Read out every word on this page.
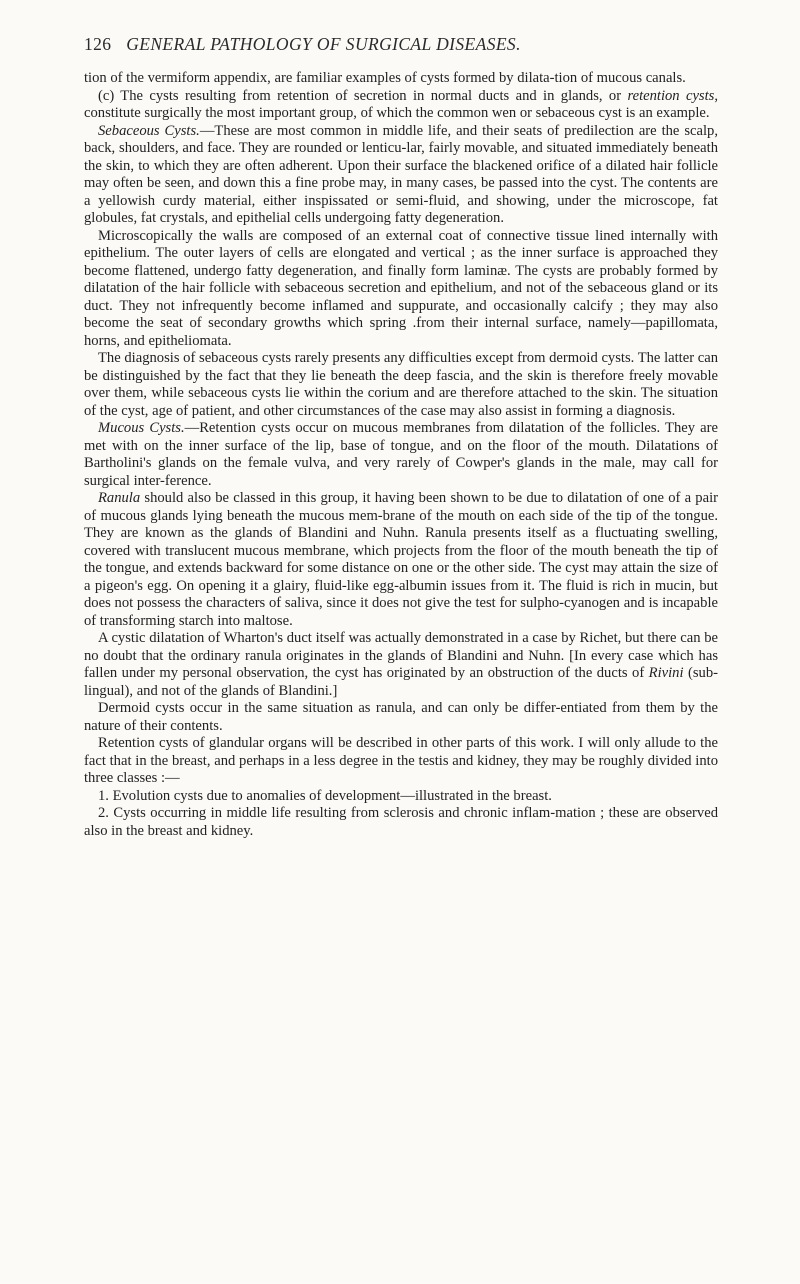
126 GENERAL PATHOLOGY OF SURGICAL DISEASES.

tion of the vermiform appendix, are familiar examples of cysts formed by dilata-tion of mucous canals.

(c) The cysts resulting from retention of secretion in normal ducts and in glands, or retention cysts, constitute surgically the most important group, of which the common wen or sebaceous cyst is an example.

Sebaceous Cysts.—These are most common in middle life, and their seats of predilection are the scalp, back, shoulders, and face. They are rounded or lenticu-lar, fairly movable, and situated immediately beneath the skin, to which they are often adherent. Upon their surface the blackened orifice of a dilated hair follicle may often be seen, and down this a fine probe may, in many cases, be passed into the cyst. The contents are a yellowish curdy material, either inspissated or semi-fluid, and showing, under the microscope, fat globules, fat crystals, and epithelial cells undergoing fatty degeneration.

Microscopically the walls are composed of an external coat of connective tissue lined internally with epithelium. The outer layers of cells are elongated and vertical ; as the inner surface is approached they become flattened, undergo fatty degeneration, and finally form laminæ. The cysts are probably formed by dilatation of the hair follicle with sebaceous secretion and epithelium, and not of the sebaceous gland or its duct. They not infrequently become inflamed and suppurate, and occasionally calcify ; they may also become the seat of secondary growths which spring .from their internal surface, namely—papillomata, horns, and epitheliomata.

The diagnosis of sebaceous cysts rarely presents any difficulties except from dermoid cysts. The latter can be distinguished by the fact that they lie beneath the deep fascia, and the skin is therefore freely movable over them, while sebaceous cysts lie within the corium and are therefore attached to the skin. The situation of the cyst, age of patient, and other circumstances of the case may also assist in forming a diagnosis.

Mucous Cysts.—Retention cysts occur on mucous membranes from dilatation of the follicles. They are met with on the inner surface of the lip, base of tongue, and on the floor of the mouth. Dilatations of Bartholini's glands on the female vulva, and very rarely of Cowper's glands in the male, may call for surgical inter-ference.

Ranula should also be classed in this group, it having been shown to be due to dilatation of one of a pair of mucous glands lying beneath the mucous mem-brane of the mouth on each side of the tip of the tongue. They are known as the glands of Blandini and Nuhn. Ranula presents itself as a fluctuating swelling, covered with translucent mucous membrane, which projects from the floor of the mouth beneath the tip of the tongue, and extends backward for some distance on one or the other side. The cyst may attain the size of a pigeon's egg. On opening it a glairy, fluid-like egg-albumin issues from it. The fluid is rich in mucin, but does not possess the characters of saliva, since it does not give the test for sulpho-cyanogen and is incapable of transforming starch into maltose.

A cystic dilatation of Wharton's duct itself was actually demonstrated in a case by Richet, but there can be no doubt that the ordinary ranula originates in the glands of Blandini and Nuhn. [In every case which has fallen under my personal observation, the cyst has originated by an obstruction of the ducts of Rivini (sub-lingual), and not of the glands of Blandini.]

Dermoid cysts occur in the same situation as ranula, and can only be differ-entiated from them by the nature of their contents.

Retention cysts of glandular organs will be described in other parts of this work. I will only allude to the fact that in the breast, and perhaps in a less degree in the testis and kidney, they may be roughly divided into three classes :—

1. Evolution cysts due to anomalies of development—illustrated in the breast.

2. Cysts occurring in middle life resulting from sclerosis and chronic inflam-mation ; these are observed also in the breast and kidney.
